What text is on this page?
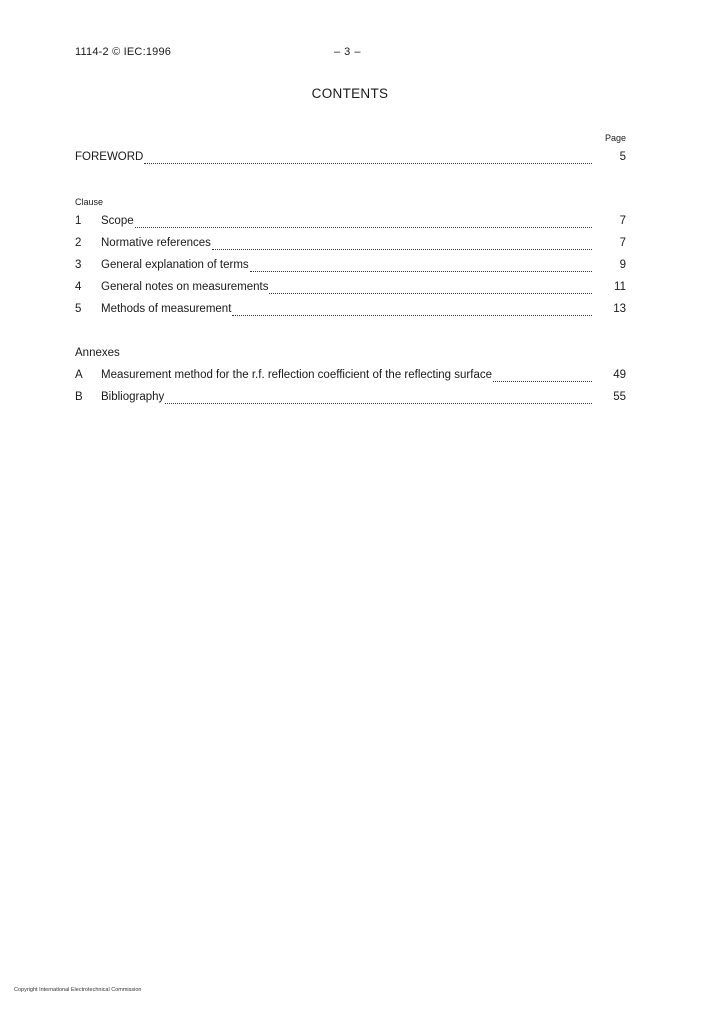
1114-2 © IEC:1996	– 3 –
CONTENTS
Page
FOREWORD	5
Clause
1	Scope	7
2	Normative references	7
3	General explanation of terms	9
4	General notes on measurements	11
5	Methods of measurement	13
Annexes
A	Measurement method for the r.f. reflection coefficient of the reflecting surface	49
B	Bibliography	55
Copyright International Electrotechnical Commission
